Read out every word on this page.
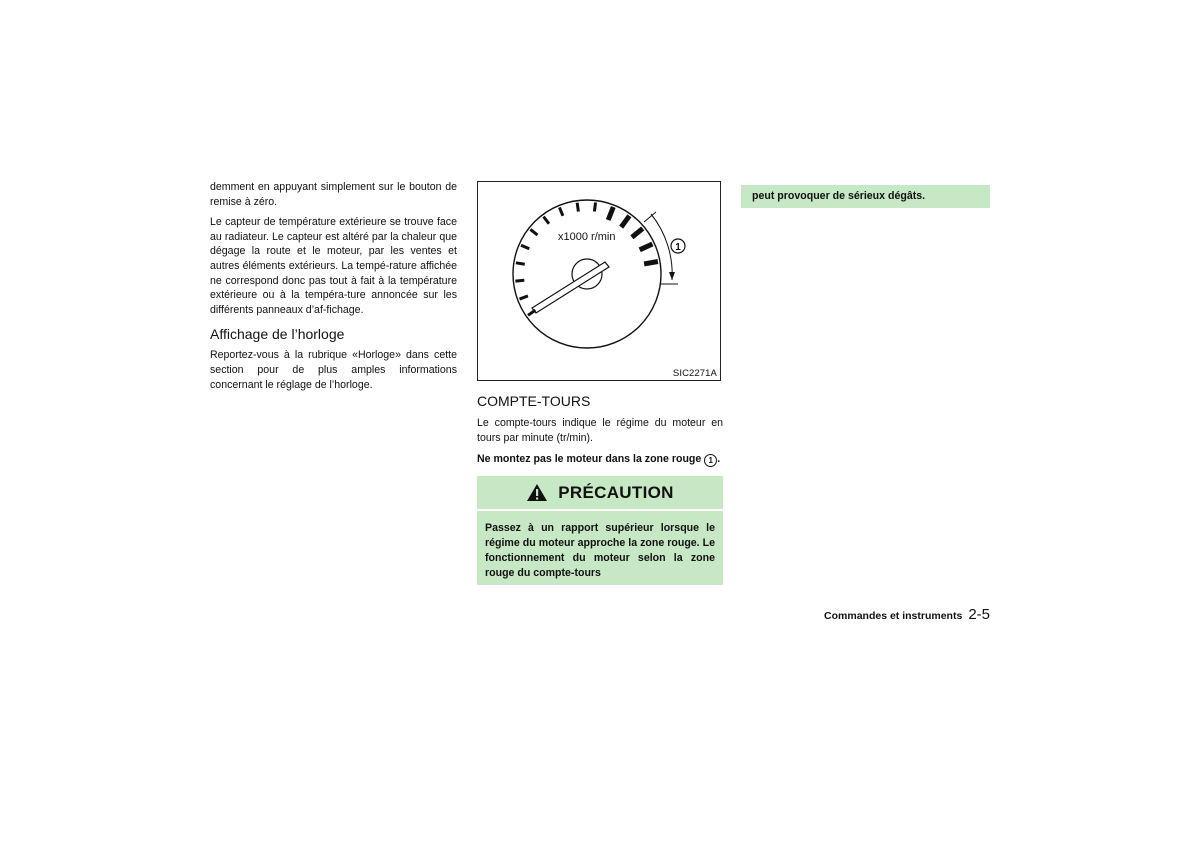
demment en appuyant simplement sur le bouton de remise à zéro.

Le capteur de température extérieure se trouve face au radiateur. Le capteur est altéré par la chaleur que dégage la route et le moteur, par les ventes et autres éléments extérieurs. La tempé-rature affichée ne correspond donc pas tout à fait à la température extérieure ou à la tempéra-ture annoncée sur les différents panneaux d’af-fichage.

Affichage de l’horloge

Reportez-vous à la rubrique «Horloge» dans cette section pour de plus amples informations concernant le réglage de l’horloge.

x1000 r/min
1
SIC2271A
COMPTE-TOURS

Le compte-tours indique le régime du moteur en tours par minute (tr/min).

Ne montez pas le moteur dans la zone rouge 1 .

PRÉCAUTION
Passez à un rapport supérieur lorsque le régime du moteur approche la zone rouge. Le fonctionnement du moteur selon la zone rouge du compte-tours
peut provoquer de sérieux dégâts.
Commandes et instruments 2-5
